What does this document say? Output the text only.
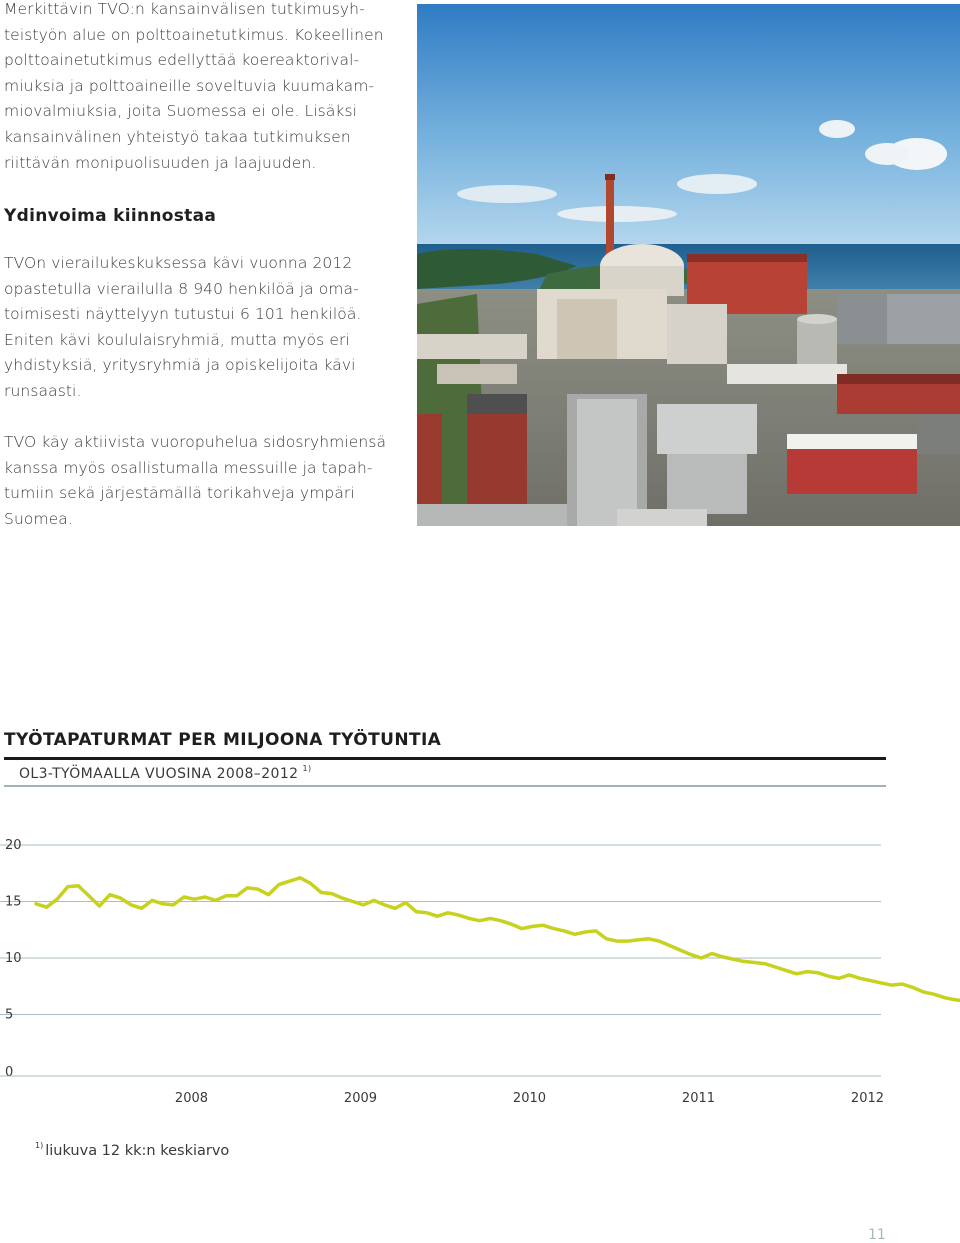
Merkittävin TVO:n kansainvälisen tutkimusyh-
teistyön alue on polttoainetutkimus. Kokeellinen
polttoainetutkimus edellyttää koereaktorival-
miuksia ja polttoaineille soveltuvia kuumakam-
miovalmiuksia, joita Suomessa ei ole. Lisäksi
kansainvälinen yhteistyö takaa tutkimuksen
riittävän monipuolisuuden ja laajuuden.

Ydinvoima kiinnostaa

TVOn vierailukeskuksessa kävi vuonna 2012
opastetulla vierailulla 8 940 henkilöä ja oma-
toimisesti näyttelyyn tutustui 6 101 henkilöä.
Eniten kävi koululaisryhmiä, mutta myös eri
yhdistyksiä, yritysryhmiä ja opiskelijoita kävi
runsaasti.

TVO käy aktiivista vuoropuhelua sidosryhmiensä
kanssa myös osallistumalla messuille ja tapah-
tumiin sekä järjestämällä torikahveja ympäri
Suomea.

TYÖTAPATURMAT PER MILJOONA TYÖTUNTIA

OL3-TYÖMAALLA VUOSINA 2008–2012 $^{1)}$

0
5
10
15
20
2008	2009	2010	2011	2012

$^{1)}$ liukuva 12 kk:n keskiarvo

11
